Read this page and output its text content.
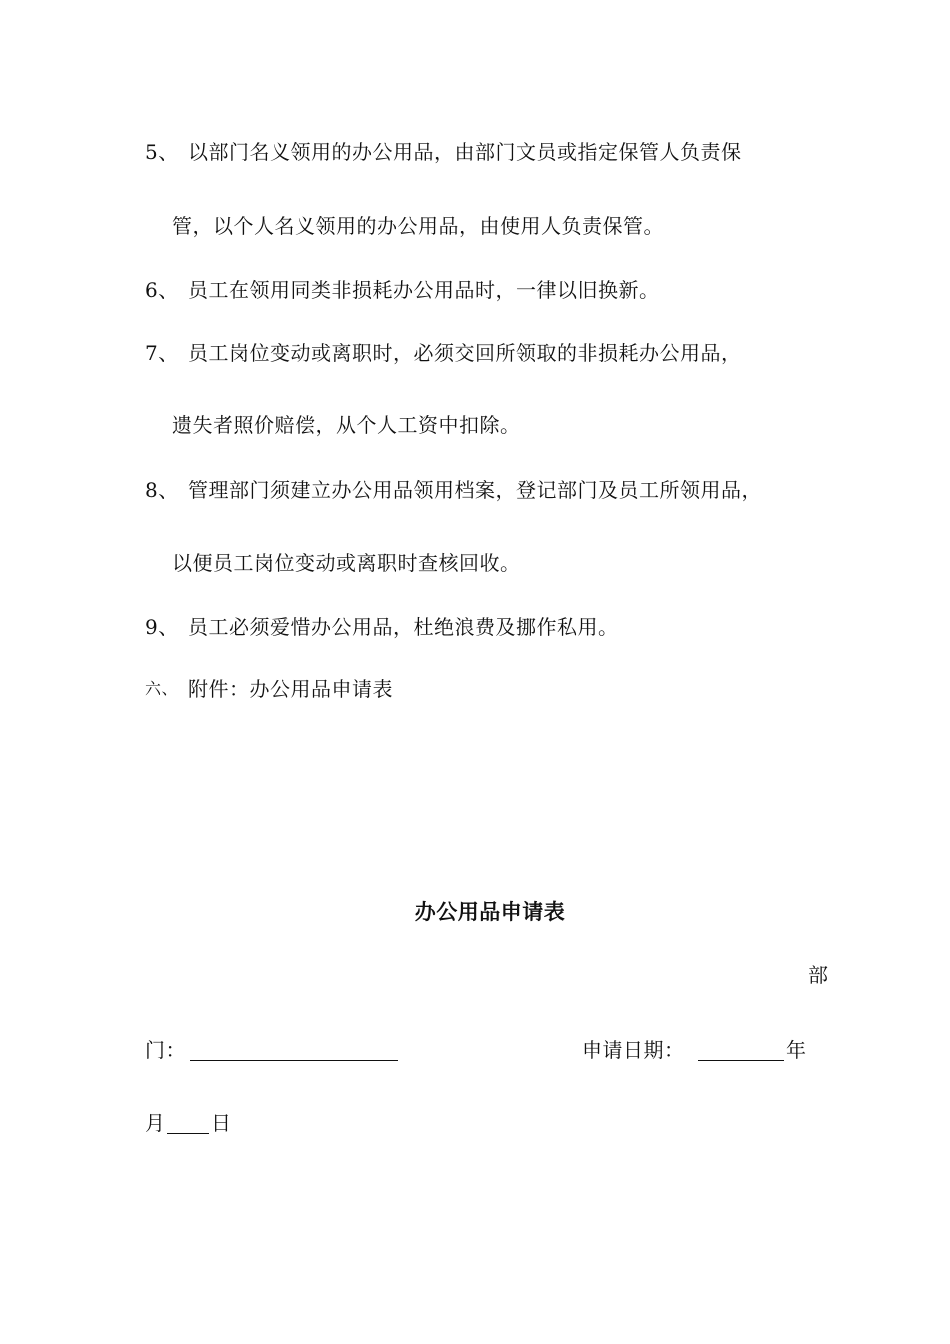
5、 以部门名义领用的办公用品，由部门文员或指定保管人负责保
管，以个人名义领用的办公用品，由使用人负责保管。
6、 员工在领用同类非损耗办公用品时，一律以旧换新。
7、 员工岗位变动或离职时，必须交回所领取的非损耗办公用品，
遗失者照价赔偿，从个人工资中扣除。
8、 管理部门须建立办公用品领用档案，登记部门及员工所领用品，
以便员工岗位变动或离职时查核回收。
9、 员工必须爱惜办公用品，杜绝浪费及挪作私用。
六、 附件：办公用品申请表
办公用品申请表
部
门：	申请日期：	年
月 日
